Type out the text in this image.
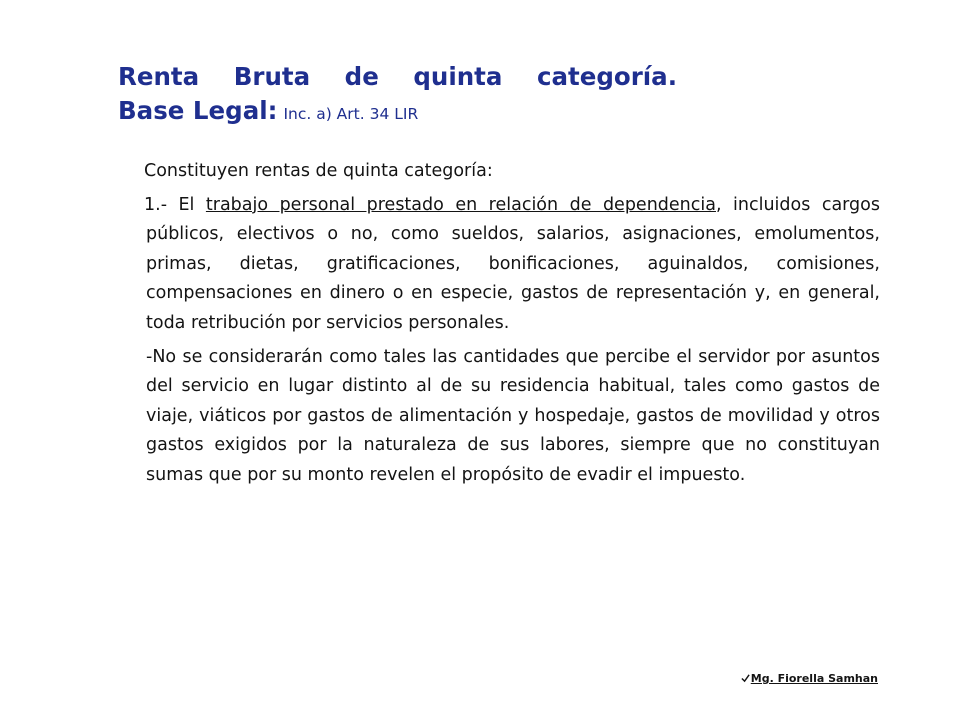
Renta Bruta de quinta categoría.
Base Legal: Inc. a) Art. 34 LIR

Constituyen rentas de quinta categoría:

1.- El trabajo personal prestado en relación de dependencia, incluidos cargos públicos, electivos o no, como sueldos, salarios, asignaciones, emolumentos, primas, dietas, gratificaciones, bonificaciones, aguinaldos, comisiones, compensaciones en dinero o en especie, gastos de representación y, en general, toda retribución por servicios personales.

-No se considerarán como tales las cantidades que percibe el servidor por asuntos del servicio en lugar distinto al de su residencia habitual, tales como gastos de viaje, viáticos por gastos de alimentación y hospedaje, gastos de movilidad y otros gastos exigidos por la naturaleza de sus labores, siempre que no constituyan sumas que por su monto revelen el propósito de evadir el impuesto.

Mg. Fiorella Samhan
